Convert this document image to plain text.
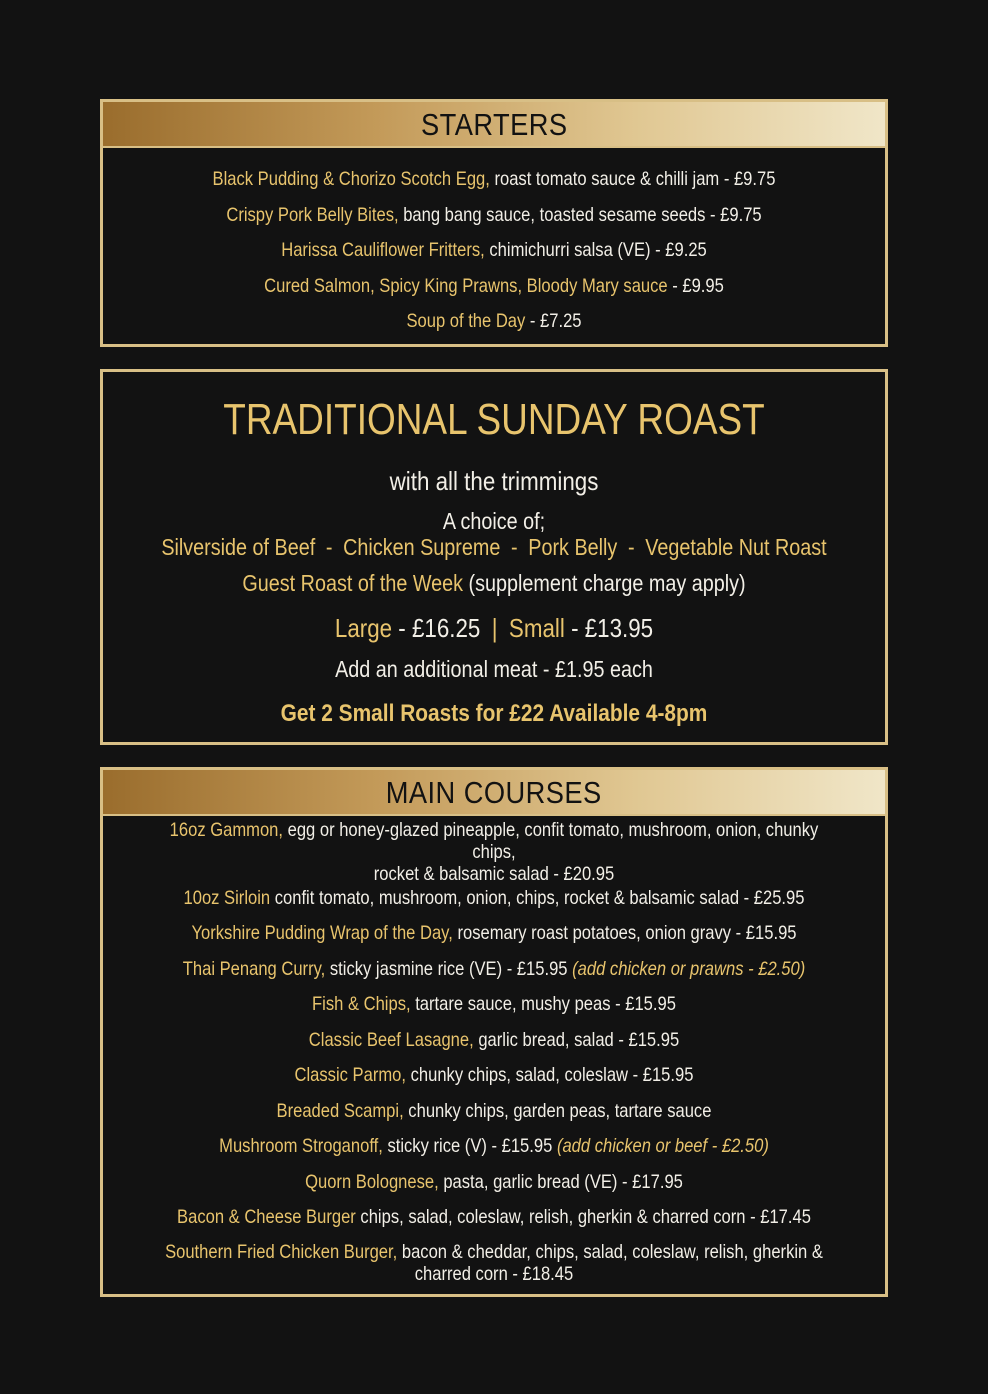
STARTERS
Black Pudding & Chorizo Scotch Egg, roast tomato sauce & chilli jam - £9.75
Crispy Pork Belly Bites, bang bang sauce, toasted sesame seeds - £9.75
Harissa Cauliflower Fritters, chimichurri salsa (VE) - £9.25
Cured Salmon, Spicy King Prawns, Bloody Mary sauce - £9.95
Soup of the Day - £7.25
TRADITIONAL SUNDAY ROAST
with all the trimmings
A choice of;
Silverside of Beef - Chicken Supreme - Pork Belly - Vegetable Nut Roast
Guest Roast of the Week (supplement charge may apply)
Large - £16.25 | Small - £13.95
Add an additional meat - £1.95 each
Get 2 Small Roasts for £22 Available 4-8pm
MAIN COURSES
16oz Gammon, egg or honey-glazed pineapple, confit tomato, mushroom, onion, chunky chips,
rocket & balsamic salad - £20.95
10oz Sirloin confit tomato, mushroom, onion, chips, rocket & balsamic salad - £25.95
Yorkshire Pudding Wrap of the Day, rosemary roast potatoes, onion gravy - £15.95
Thai Penang Curry, sticky jasmine rice (VE) - £15.95 (add chicken or prawns - £2.50)
Fish & Chips, tartare sauce, mushy peas - £15.95
Classic Beef Lasagne, garlic bread, salad - £15.95
Classic Parmo, chunky chips, salad, coleslaw - £15.95
Breaded Scampi, chunky chips, garden peas, tartare sauce
Mushroom Stroganoff, sticky rice (V) - £15.95 (add chicken or beef - £2.50)
Quorn Bolognese, pasta, garlic bread (VE) - £17.95
Bacon & Cheese Burger chips, salad, coleslaw, relish, gherkin & charred corn - £17.45
Southern Fried Chicken Burger, bacon & cheddar, chips, salad, coleslaw, relish, gherkin &
charred corn - £18.45
